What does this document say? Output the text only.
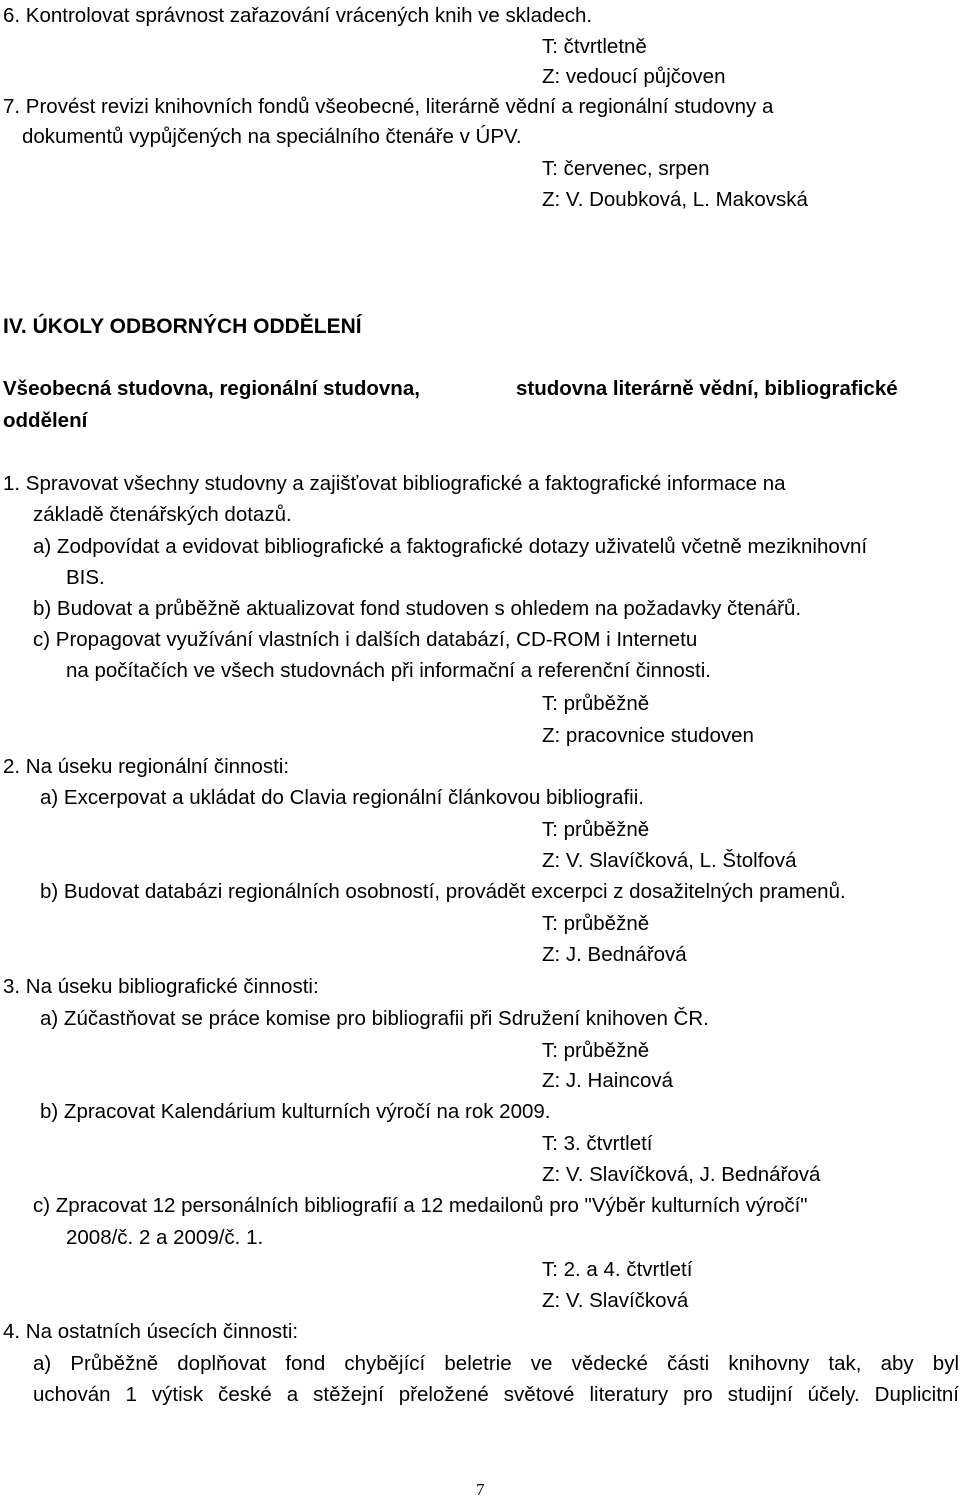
6. Kontrolovat správnost zařazování vrácených knih ve skladech.
T: čtvrtletně
Z: vedoucí půjčoven
7. Provést revizi knihovních fondů všeobecné, literárně vědní a regionální studovny a
dokumentů vypůjčených na speciálního čtenáře v ÚPV.
T: červenec, srpen
Z: V. Doubková, L. Makovská
IV. ÚKOLY ODBORNÝCH ODDĚLENÍ
Všeobecná studovna, regionální studovna,	studovna literárně vědní, bibliografické
oddělení
1. Spravovat všechny studovny a zajišťovat bibliografické a faktografické informace na
základě čtenářských dotazů.
a) Zodpovídat a evidovat bibliografické a faktografické dotazy uživatelů včetně meziknihovní
BIS.
b) Budovat a průběžně aktualizovat fond studoven s ohledem na požadavky čtenářů.
c) Propagovat využívání vlastních i dalších databází, CD-ROM i Internetu
na počítačích ve všech studovnách při informační a referenční činnosti.
T: průběžně
Z: pracovnice studoven
2. Na úseku regionální činnosti:
a) Excerpovat a ukládat do Clavia regionální článkovou bibliografii.
T: průběžně
Z: V. Slavíčková, L. Štolfová
b) Budovat databázi regionálních osobností, provádět excerpci z dosažitelných pramenů.
T: průběžně
Z: J. Bednářová
3. Na úseku bibliografické činnosti:
a) Zúčastňovat se práce komise pro bibliografii při Sdružení knihoven ČR.
T: průběžně
Z: J. Haincová
b) Zpracovat Kalendárium kulturních výročí na rok 2009.
T: 3. čtvrtletí
Z: V. Slavíčková, J. Bednářová
c) Zpracovat 12 personálních bibliografií a 12 medailonů pro "Výběr kulturních výročí"
2008/č. 2 a 2009/č. 1.
T: 2. a 4. čtvrtletí
Z: V. Slavíčková
4. Na ostatních úsecích činnosti:
a) Průběžně doplňovat fond chybějící beletrie ve vědecké části knihovny tak, aby byl
uchován 1 výtisk české a stěžejní přeložené světové literatury pro studijní účely. Duplicitní
7
